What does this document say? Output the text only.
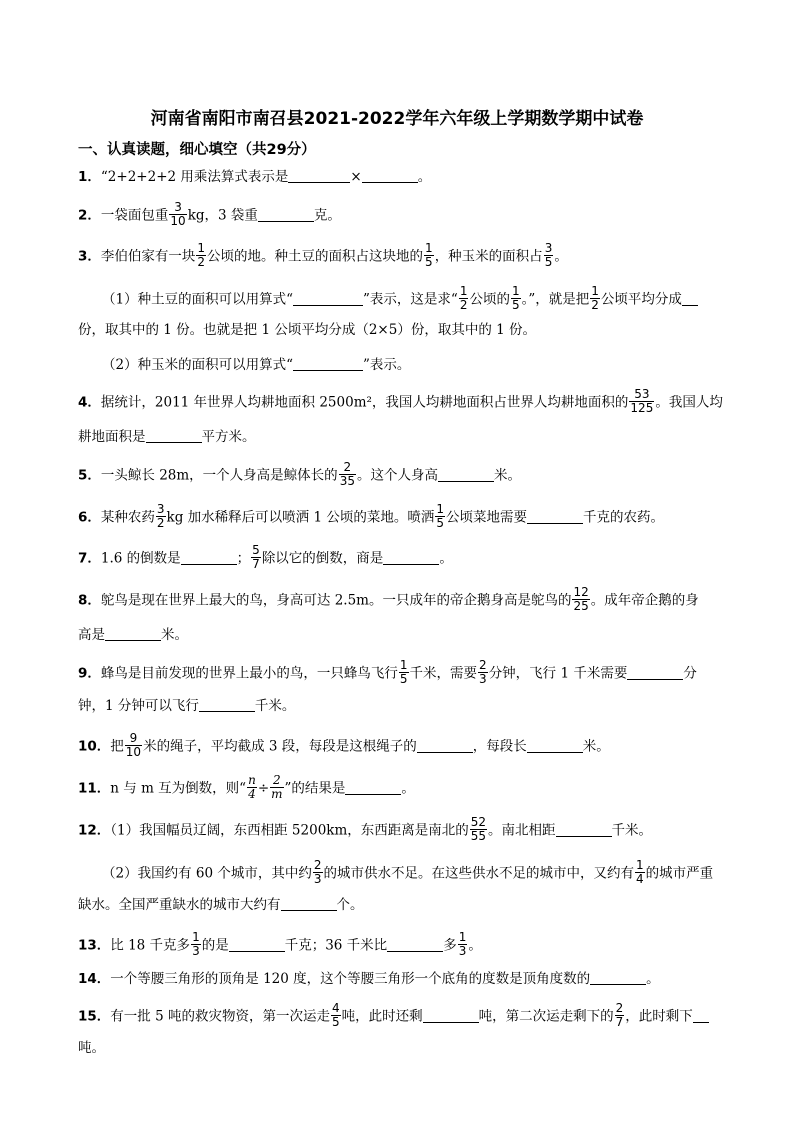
河南省南阳市南召县2021-2022学年六年级上学期数学期中试卷
一、认真读题，细心填空（共29分）
1．“2+2+2+2 用乘法算式表示是	×	。
2．一袋面包重 $\frac{3}{10}$ kg，3 袋重	克。
3．李伯伯家有一块 $\frac{1}{2}$ 公顷的地。种土豆的面积占这块地的 $\frac{1}{5}$ ，种玉米的面积占 $\frac{3}{5}$ 。
（1）种土豆的面积可以用算式“	”表示，这是求“ $\frac{1}{2}$ 公顷的 $\frac{1}{5}$ 。”，就是把 $\frac{1}{2}$ 公顷平均分成
份，取其中的 1 份。也就是把 1 公顷平均分成（2×5）份，取其中的 1 份。
（2）种玉米的面积可以用算式“	”表示。
4．据统计，2011 年世界人均耕地面积 2500m²，我国人均耕地面积占世界人均耕地面积的 $\frac{53}{125}$ 。我国人均
耕地面积是	平方米。
5．一头鲸长 28m，一个人身高是鲸体长的 $\frac{2}{35}$ 。这个人身高	米。
6．某种农药 $\frac{3}{2}$ kg 加水稀释后可以喷洒 1 公顷的菜地。喷洒 $\frac{1}{5}$ 公顷菜地需要	千克的农药。
7．1.6 的倒数是	； $\frac{5}{7}$ 除以它的倒数，商是	。
8．鸵鸟是现在世界上最大的鸟，身高可达 2.5m。一只成年的帝企鹅身高是鸵鸟的 $\frac{12}{25}$ 。成年帝企鹅的身
高是	米。
9．蜂鸟是目前发现的世界上最小的鸟，一只蜂鸟飞行 $\frac{1}{5}$ 千米，需要 $\frac{2}{3}$ 分钟，飞行 1 千米需要	分
钟，1 分钟可以飞行	千米。
10．把 $\frac{9}{10}$ 米的绳子，平均截成 3 段，每段是这根绳子的	，每段长	米。
11．n 与 m 互为倒数，则“ $\frac{n}{4} \div \frac{2}{m}$ ”的结果是	。
12．（1）我国幅员辽阔，东西相距 5200km，东西距离是南北的 $\frac{52}{55}$ 。南北相距	千米。
（2）我国约有 60 个城市，其中约 $\frac{2}{3}$ 的城市供水不足。在这些供水不足的城市中，又约有 $\frac{1}{4}$ 的城市严重
缺水。全国严重缺水的城市大约有	个。
13．比 18 千克多 $\frac{1}{3}$ 的是	千克；36 千米比	多 $\frac{1}{3}$ 。
14．一个等腰三角形的顶角是 120 度，这个等腰三角形一个底角的度数是顶角度数的	。
15．有一批 5 吨的救灾物资，第一次运走 $\frac{4}{5}$ 吨，此时还剩	吨，第二次运走剩下的 $\frac{2}{7}$ ，此时剩下
吨。
